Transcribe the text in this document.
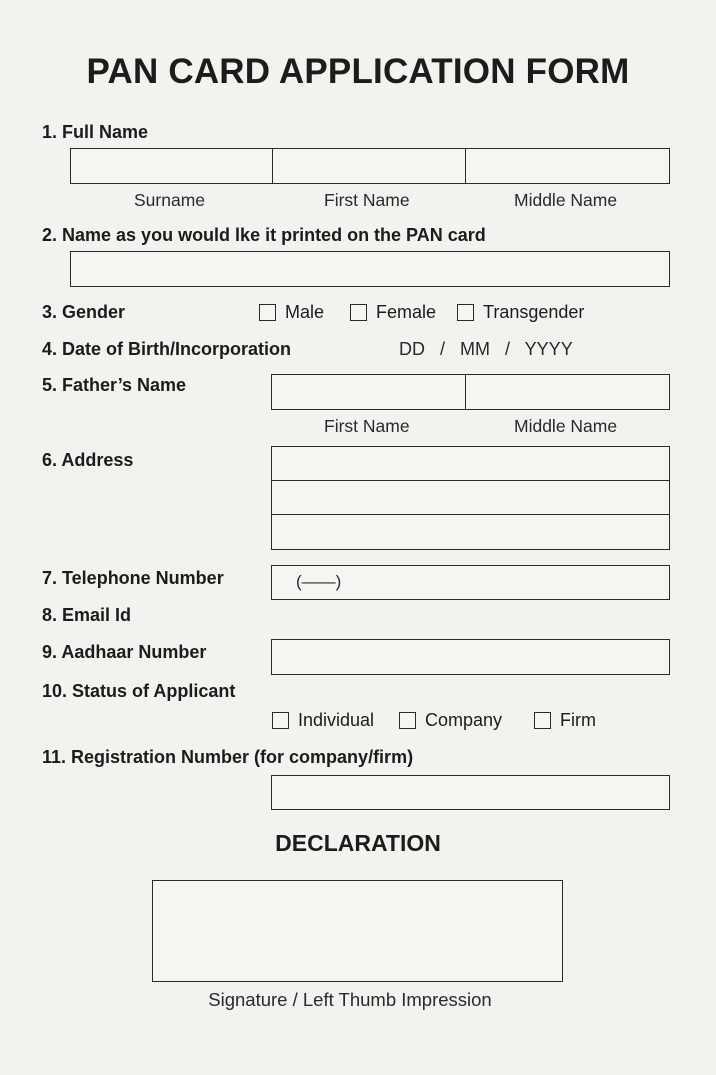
PAN CARD APPLICATION FORM
1. Full Name
Surname	First Name	Middle Name
2. Name as you would lke it printed on the PAN card
3. Gender	Male	Female	Transgender
4. Date of Birth/Incorporation	DD   /   MM   /   YYYY
5. Father’s Name
First Name	Middle Name
6. Address
7. Telephone Number	(——)
8. Email Id
9. Aadhaar Number
10. Status of Applicant
Individual	Company	Firm
11. Registration Number (for company/firm)
DECLARATION
Signature / Left Thumb Impression
